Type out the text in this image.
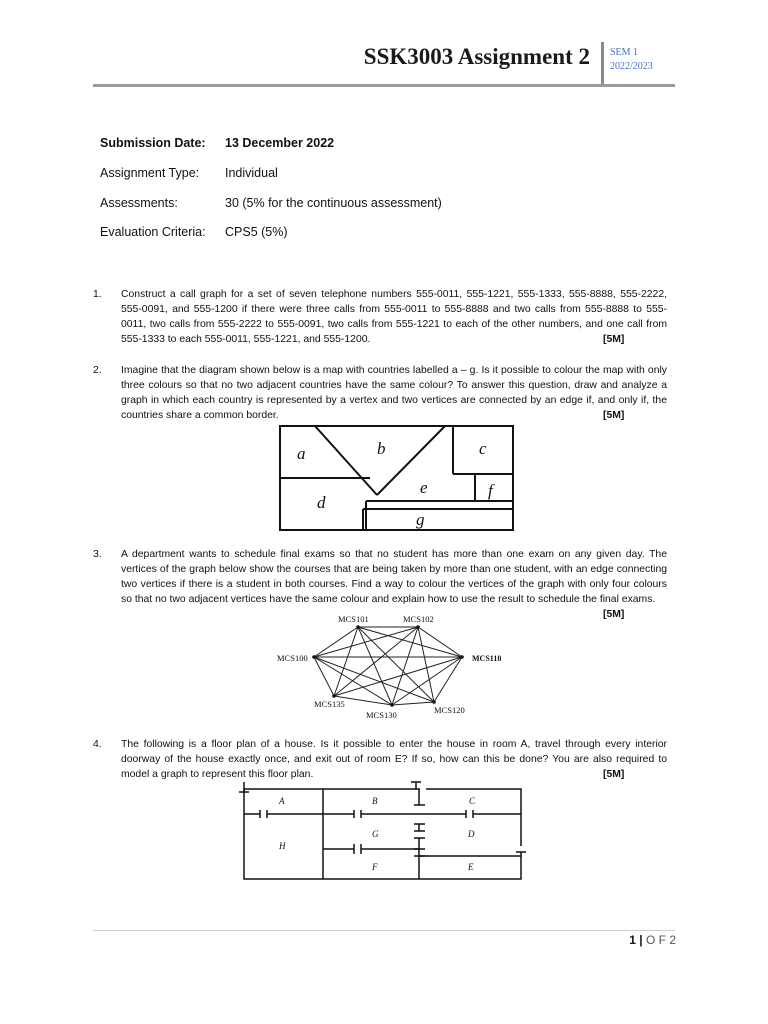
SSK3003 Assignment 2 SEM 1
2022/2023
Submission Date: 13 December 2022
Assignment Type: Individual
Assessments:	30 (5% for the continuous assessment)
Evaluation Criteria: CPS5 (5%)
1. Construct a call graph for a set of seven telephone numbers 555-0011, 555-1221, 555-1333, 555-8888, 555-2222, 555-0091, and 555-1200 if there were three calls from 555-0011 to 555-8888 and two calls from 555-8888 to 555-0011, two calls from 555-2222 to 555-0091, two calls from 555-1221 to each of the other numbers, and one call from 555-1333 to each 555-0011, 555-1221, and 555-1200.	[5M]
2. Imagine that the diagram shown below is a map with countries labelled a – g. Is it possible to colour the map with only three colours so that no two adjacent countries have the same colour? To answer this question, draw and analyze a graph in which each country is represented by a vertex and two vertices are connected by an edge if, and only if, the countries share a common border.	[5M]
a	b	c
d
e	f
g
3. A department wants to schedule final exams so that no student has more than one exam on any given day. The vertices of the graph below show the courses that are being taken by more than one student, with an edge connecting two vertices if there is a student in both courses. Find a way to colour the vertices of the graph with only four colours so that no two adjacent vertices have the same colour and explain how to use the result to schedule the final exams.
[5M]
MCS101	MCS102
MCS100	MCS110
MCS135
MCS130	MCS120
4. The following is a floor plan of a house. Is it possible to enter the house in room A, travel through every interior doorway of the house exactly once, and exit out of room E? If so, how can this be done? You are also required to model a graph to represent this floor plan.	[5M]
A	B	C
G	D
H
F	E
1 | O F 2
